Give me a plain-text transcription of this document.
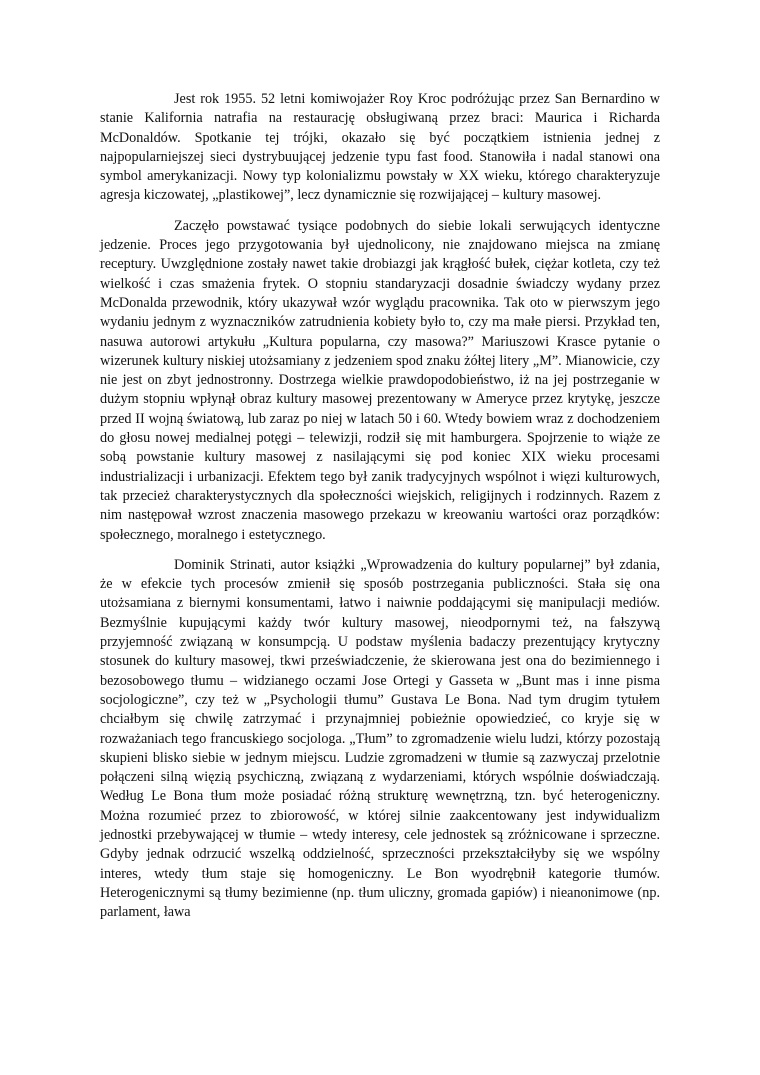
Jest rok 1955. 52 letni komiwojażer Roy Kroc podróżując przez San Bernardino w stanie Kalifornia natrafia na restaurację obsługiwaną przez braci: Maurica i Richarda McDonaldów. Spotkanie tej trójki, okazało się być początkiem istnienia jednej z najpopularniejszej sieci dystrybuującej jedzenie typu fast food. Stanowiła i nadal stanowi ona symbol amerykanizacji. Nowy typ kolonializmu powstały w XX wieku, którego charakteryzuje agresja kiczowatej, „plastikowej”, lecz dynamicznie się rozwijającej – kultury masowej.

Zaczęło powstawać tysiące podobnych do siebie lokali serwujących identyczne jedzenie. Proces jego przygotowania był ujednolicony, nie znajdowano miejsca na zmianę receptury. Uwzględnione zostały nawet takie drobiazgi jak krągłość bułek, ciężar kotleta, czy też wielkość i czas smażenia frytek. O stopniu standaryzacji dosadnie świadczy wydany przez McDonalda przewodnik, który ukazywał wzór wyglądu pracownika. Tak oto w pierwszym jego wydaniu jednym z wyznaczników zatrudnienia kobiety było to, czy ma małe piersi. Przykład ten, nasuwa autorowi artykułu „Kultura popularna, czy masowa?” Mariuszowi Krasce pytanie o wizerunek kultury niskiej utożsamiany z jedzeniem spod znaku żółtej litery „M”. Mianowicie, czy nie jest on zbyt jednostronny. Dostrzega wielkie prawdopodobieństwo, iż na jej postrzeganie w dużym stopniu wpłynął obraz kultury masowej prezentowany w Ameryce przez krytykę, jeszcze przed II wojną światową, lub zaraz po niej w latach 50 i 60. Wtedy bowiem wraz z dochodzeniem do głosu nowej medialnej potęgi – telewizji, rodził się mit hamburgera. Spojrzenie to wiąże ze sobą powstanie kultury masowej z nasilającymi się pod koniec XIX wieku procesami industrializacji i urbanizacji. Efektem tego był zanik tradycyjnych wspólnot i więzi kulturowych, tak przecież charakterystycznych dla społeczności wiejskich, religijnych i rodzinnych. Razem z nim następował wzrost znaczenia masowego przekazu w kreowaniu wartości oraz porządków: społecznego, moralnego i estetycznego.

Dominik Strinati, autor książki „Wprowadzenia do kultury popularnej” był zdania, że w efekcie tych procesów zmienił się sposób postrzegania publiczności. Stała się ona utożsamiana z biernymi konsumentami, łatwo i naiwnie poddającymi się manipulacji mediów. Bezmyślnie kupującymi każdy twór kultury masowej, nieodpornymi też, na fałszywą przyjemność związaną w konsumpcją. U podstaw myślenia badaczy prezentujący krytyczny stosunek do kultury masowej, tkwi przeświadczenie, że skierowana jest ona do bezimiennego i bezosobowego tłumu – widzianego oczami Jose Ortegi y Gasseta w „Bunt mas i inne pisma socjologiczne”, czy też w „Psychologii tłumu” Gustava Le Bona. Nad tym drugim tytułem chciałbym się chwilę zatrzymać i przynajmniej pobieżnie opowiedzieć, co kryje się w rozważaniach tego francuskiego socjologa. „Tłum” to zgromadzenie wielu ludzi, którzy pozostają skupieni blisko siebie w jednym miejscu. Ludzie zgromadzeni w tłumie są zazwyczaj przelotnie połączeni silną więzią psychiczną, związaną z wydarzeniami, których wspólnie doświadczają. Według Le Bona tłum może posiadać różną strukturę wewnętrzną, tzn. być heterogeniczny. Można rozumieć przez to zbiorowość, w której silnie zaakcentowany jest indywidualizm jednostki przebywającej w tłumie – wtedy interesy, cele jednostek są zróżnicowane i sprzeczne. Gdyby jednak odrzucić wszelką oddzielność, sprzeczności przekształciłyby się we wspólny interes, wtedy tłum staje się homogeniczny. Le Bon wyodrębnił kategorie tłumów. Heterogenicznymi są tłumy bezimienne (np. tłum uliczny, gromada gapiów) i nieanonimowe (np. parlament, ława
